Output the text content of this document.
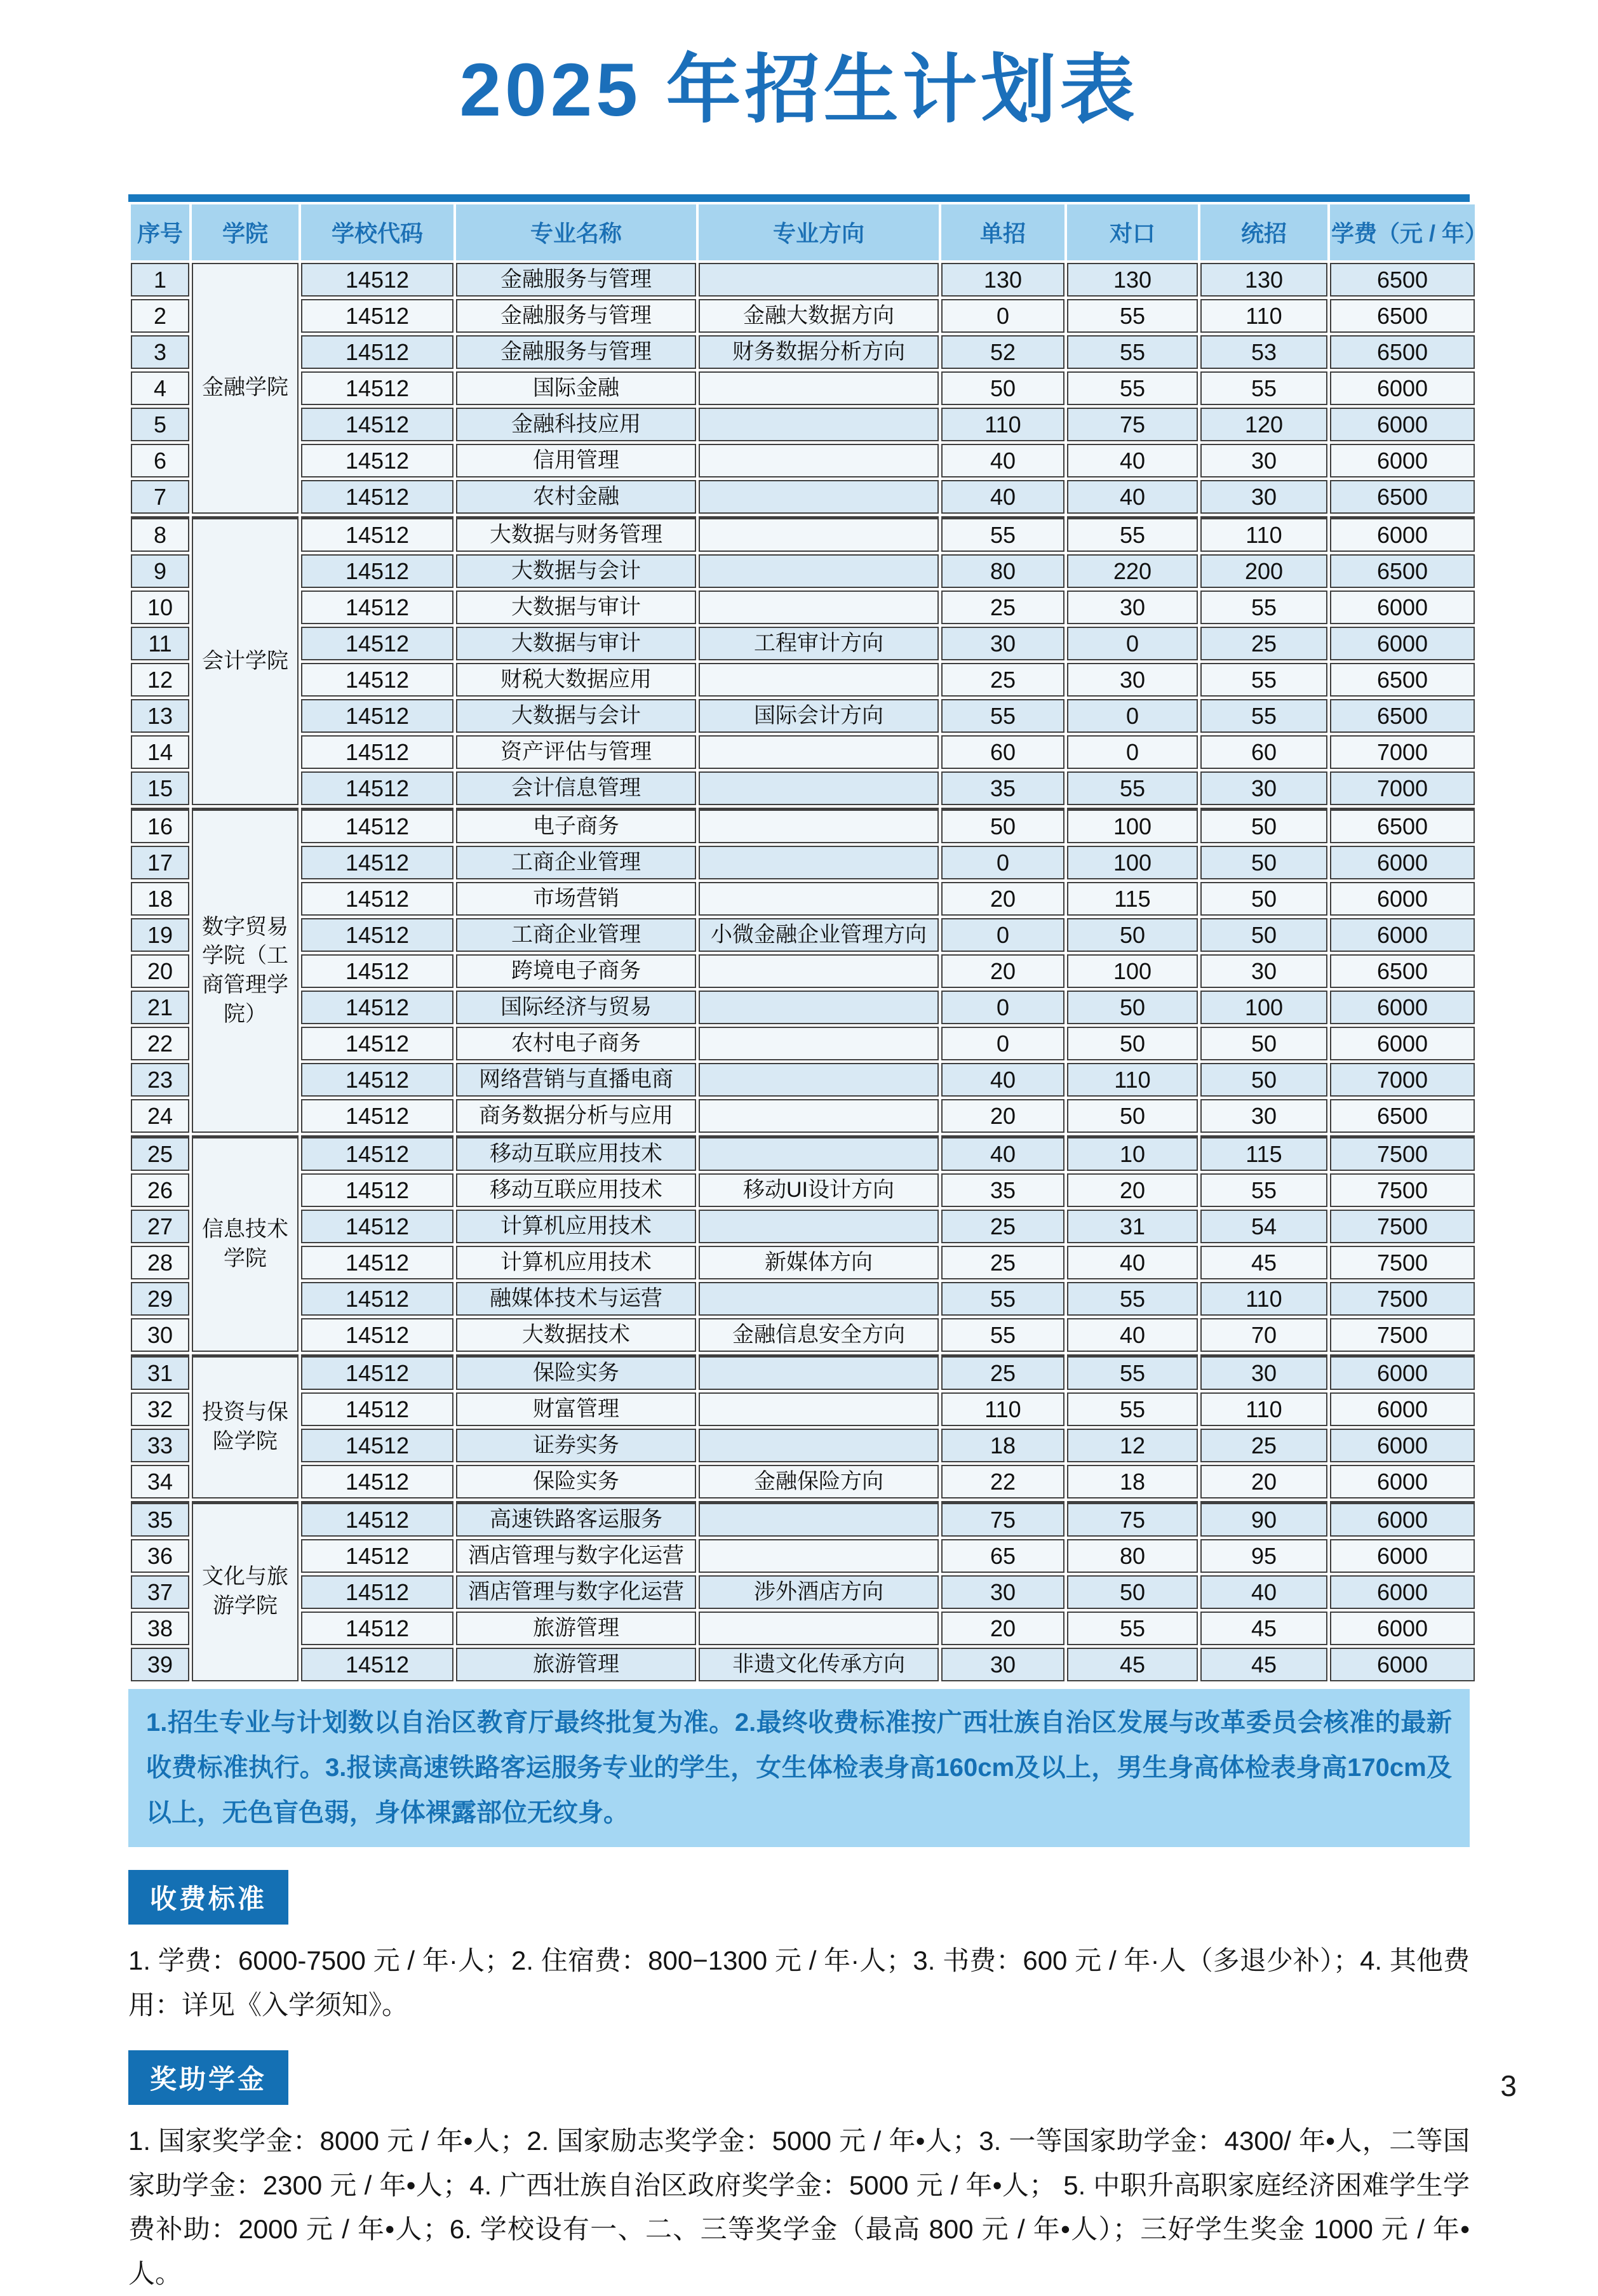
2025 年招生计划表
序号	学院	学校代码	专业名称	专业方向	单招	对口	统招	学费（元 / 年）
1	金融学院	14512	金融服务与管理		130	130	130	6500
2		14512	金融服务与管理	金融大数据方向	0	55	110	6500
3		14512	金融服务与管理	财务数据分析方向	52	55	53	6500
4		14512	国际金融		50	55	55	6000
5		14512	金融科技应用		110	75	120	6000
6		14512	信用管理		40	40	30	6000
7		14512	农村金融		40	40	30	6500
8	会计学院	14512	大数据与财务管理		55	55	110	6000
9		14512	大数据与会计		80	220	200	6500
10		14512	大数据与审计		25	30	55	6000
11		14512	大数据与审计	工程审计方向	30	0	25	6000
12		14512	财税大数据应用		25	30	55	6500
13		14512	大数据与会计	国际会计方向	55	0	55	6500
14		14512	资产评估与管理		60	0	60	7000
15		14512	会计信息管理		35	55	30	7000
16	数字贸易学院（工商管理学院）	14512	电子商务		50	100	50	6500
17		14512	工商企业管理		0	100	50	6000
18		14512	市场营销		20	115	50	6000
19		14512	工商企业管理	小微金融企业管理方向	0	50	50	6000
20		14512	跨境电子商务		20	100	30	6500
21		14512	国际经济与贸易		0	50	100	6000
22		14512	农村电子商务		0	50	50	6000
23		14512	网络营销与直播电商		40	110	50	7000
24		14512	商务数据分析与应用		20	50	30	6500
25	信息技术学院	14512	移动互联应用技术		40	10	115	7500
26		14512	移动互联应用技术	移动UI设计方向	35	20	55	7500
27		14512	计算机应用技术		25	31	54	7500
28		14512	计算机应用技术	新媒体方向	25	40	45	7500
29		14512	融媒体技术与运营		55	55	110	7500
30		14512	大数据技术	金融信息安全方向	55	40	70	7500
31	投资与保险学院	14512	保险实务		25	55	30	6000
32		14512	财富管理		110	55	110	6000
33		14512	证券实务		18	12	25	6000
34		14512	保险实务	金融保险方向	22	18	20	6000
35	文化与旅游学院	14512	高速铁路客运服务		75	75	90	6000
36		14512	酒店管理与数字化运营		65	80	95	6000
37		14512	酒店管理与数字化运营	涉外酒店方向	30	50	40	6000
38		14512	旅游管理		20	55	45	6000
39		14512	旅游管理	非遗文化传承方向	30	45	45	6000
1.招生专业与计划数以自治区教育厅最终批复为准。2.最终收费标准按广西壮族自治区发展与改革委员会核准的最新收费标准执行。3.报读高速铁路客运服务专业的学生，女生体检表身高160cm及以上，男生身高体检表身高170cm及以上，无色盲色弱，身体裸露部位无纹身。
收费标准
1. 学费：6000-7500 元 / 年·人；2. 住宿费：800−1300 元 / 年·人；3. 书费：600 元 / 年·人（多退少补）；4. 其他费用：详见《入学须知》。
奖助学金
1. 国家奖学金：8000 元 / 年•人；2. 国家励志奖学金：5000 元 / 年•人；3. 一等国家助学金：4300/ 年•人，二等国家助学金：2300 元 / 年•人；4. 广西壮族自治区政府奖学金：5000 元 / 年•人； 5. 中职升高职家庭经济困难学生学费补助：2000 元 / 年•人；6. 学校设有一、二、三等奖学金（最高 800 元 / 年•人）；三好学生奖金 1000 元 / 年•人。
3
